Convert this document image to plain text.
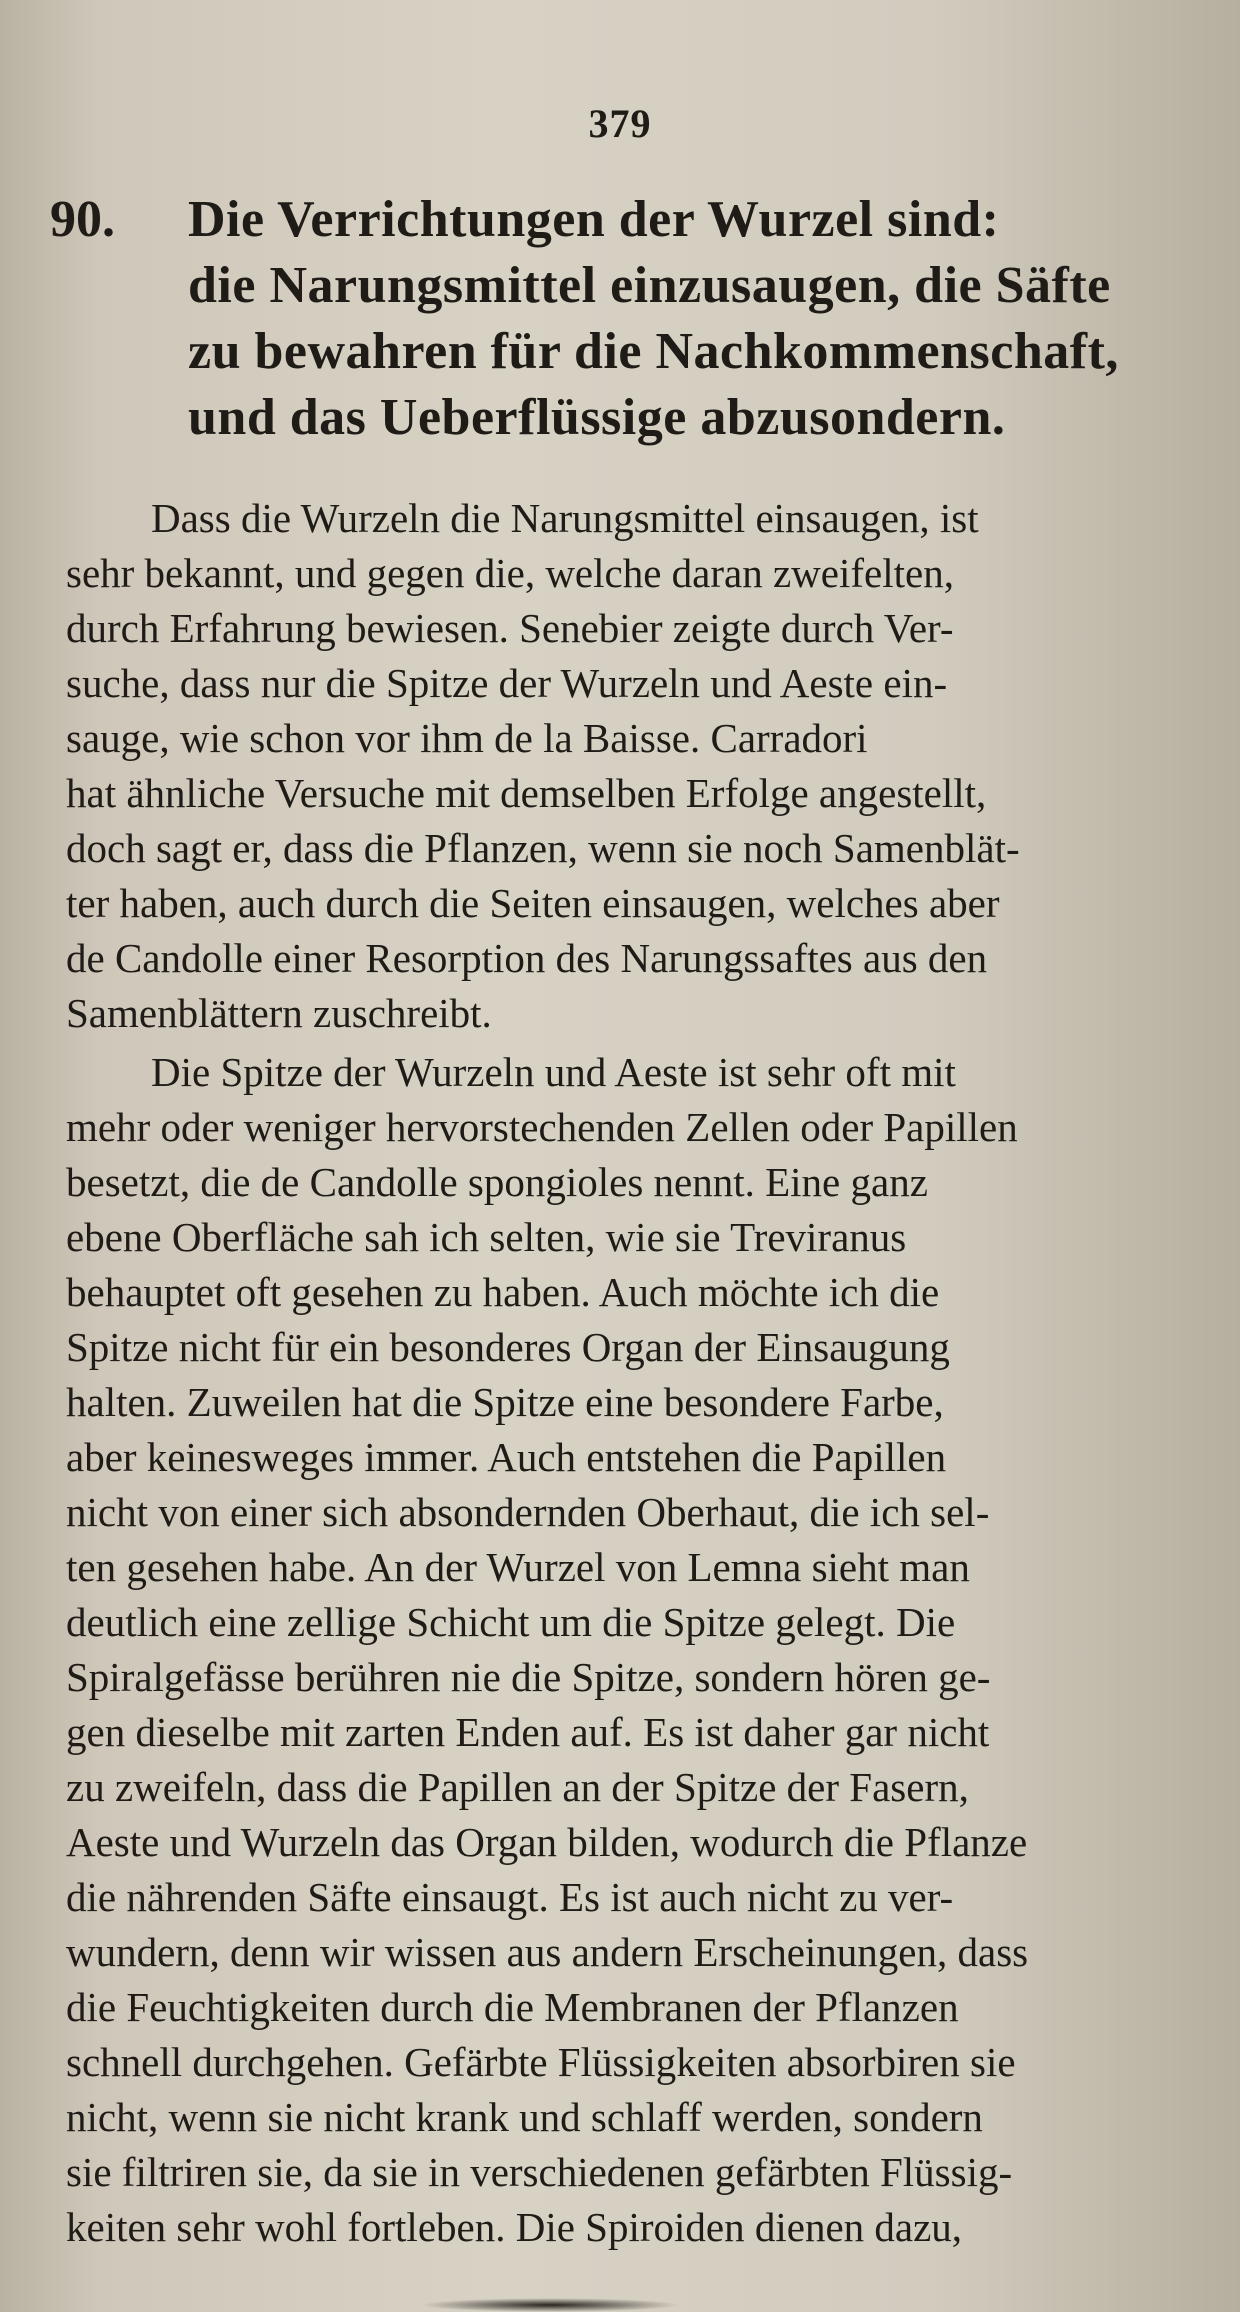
379
90. Die Verrichtungen der Wurzel sind:
die Narungsmittel einzusaugen, die Säfte
zu bewahren für die Nachkommenschaft,
und das Ueberflüssige abzusondern.
Dass die Wurzeln die Narungsmittel einsaugen, ist
sehr bekannt, und gegen die, welche daran zweifelten,
durch Erfahrung bewiesen. Senebier zeigte durch Ver-
suche, dass nur die Spitze der Wurzeln und Aeste ein-
sauge, wie schon vor ihm de la Baisse. Carradori
hat ähnliche Versuche mit demselben Erfolge angestellt,
doch sagt er, dass die Pflanzen, wenn sie noch Samenblät-
ter haben, auch durch die Seiten einsaugen, welches aber
de Candolle einer Resorption des Narungssaftes aus den
Samenblättern zuschreibt.
Die Spitze der Wurzeln und Aeste ist sehr oft mit
mehr oder weniger hervorstechenden Zellen oder Papillen
besetzt, die de Candolle spongioles nennt. Eine ganz
ebene Oberfläche sah ich selten, wie sie Treviranus
behauptet oft gesehen zu haben. Auch möchte ich die
Spitze nicht für ein besonderes Organ der Einsaugung
halten. Zuweilen hat die Spitze eine besondere Farbe,
aber keinesweges immer. Auch entstehen die Papillen
nicht von einer sich absondernden Oberhaut, die ich sel-
ten gesehen habe. An der Wurzel von Lemna sieht man
deutlich eine zellige Schicht um die Spitze gelegt. Die
Spiralgefässe berühren nie die Spitze, sondern hören ge-
gen dieselbe mit zarten Enden auf. Es ist daher gar nicht
zu zweifeln, dass die Papillen an der Spitze der Fasern,
Aeste und Wurzeln das Organ bilden, wodurch die Pflanze
die nährenden Säfte einsaugt. Es ist auch nicht zu ver-
wundern, denn wir wissen aus andern Erscheinungen, dass
die Feuchtigkeiten durch die Membranen der Pflanzen
schnell durchgehen. Gefärbte Flüssigkeiten absorbiren sie
nicht, wenn sie nicht krank und schlaff werden, sondern
sie filtriren sie, da sie in verschiedenen gefärbten Flüssig-
keiten sehr wohl fortleben. Die Spiroiden dienen dazu,
